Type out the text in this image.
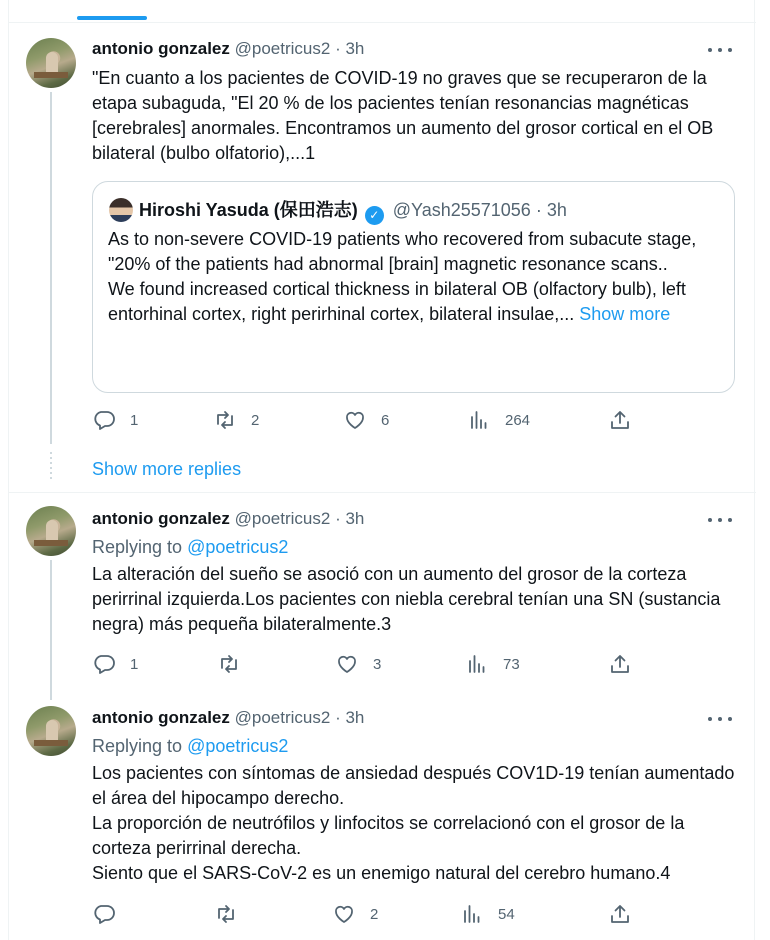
antonio gonzalez @poetricus2 · 3h
"En cuanto a los pacientes de COVID-19 no graves que se recuperaron de la etapa subaguda, "El 20 % de los pacientes tenían resonancias magnéticas [cerebrales] anormales. Encontramos un aumento del grosor cortical en el OB bilateral (bulbo olfatorio),...1
Hiroshi Yasuda (保田浩志) ✓ @Yash25571056 · 3h
As to non-severe COVID-19 patients who recovered from subacute stage,
"20% of the patients had abnormal [brain] magnetic resonance scans..
We found increased cortical thickness in bilateral OB (olfactory bulb), left entorhinal cortex, right perirhinal cortex, bilateral insulae,... Show more
1	2	6	264
Show more replies
antonio gonzalez @poetricus2 · 3h
Replying to @poetricus2
La alteración del sueño se asoció con un aumento del grosor de la corteza perirrinal izquierda.Los pacientes con niebla cerebral tenían una SN (sustancia negra) más pequeña bilateralmente.3
1	3	73
antonio gonzalez @poetricus2 · 3h
Replying to @poetricus2
Los pacientes con síntomas de ansiedad después COV1D-19 tenían aumentado el área del hipocampo derecho.
La proporción de neutrófilos y linfocitos se correlacionó con el grosor de la corteza perirrinal derecha.
Siento que el SARS-CoV-2 es un enemigo natural del cerebro humano.4
2	54
